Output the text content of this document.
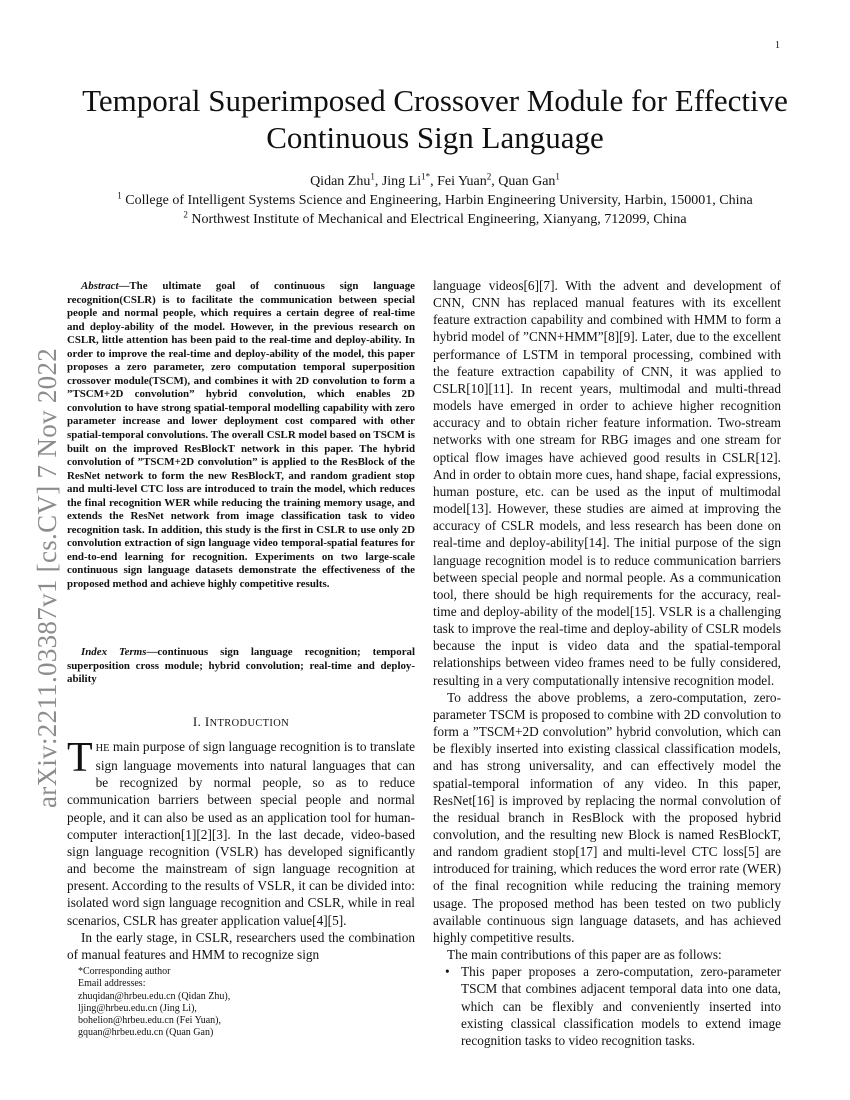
1
arXiv:2211.03387v1 [cs.CV] 7 Nov 2022
Temporal Superimposed Crossover Module for Effective Continuous Sign Language
Qidan Zhu$^1$, Jing $Li^{1*}$, Fei Yuan$^2$, Quan Gan$^1$
$^1$ College of Intelligent Systems Science and Engineering, Harbin Engineering University, Harbin, 150001, China
$^2$ Northwest Institute of Mechanical and Electrical Engineering, Xianyang, 712099, China

Abstract—The ultimate goal of continuous sign language recognition(CSLR) is to facilitate the communication between special people and normal people, which requires a certain degree of real-time and deploy-ability of the model. However, in the previous research on CSLR, little attention has been paid to the real-time and deploy-ability. In order to improve the real-time and deploy-ability of the model, this paper proposes a zero parameter, zero computation temporal superposition crossover module(TSCM), and combines it with 2D convolution to form a ”TSCM+2D convolution” hybrid convolution, which enables 2D convolution to have strong spatial-temporal modelling capability with zero parameter increase and lower deployment cost compared with other spatial-temporal convolutions. The overall CSLR model based on TSCM is built on the improved ResBlockT network in this paper. The hybrid convolution of ”TSCM+2D convolution” is applied to the ResBlock of the ResNet network to form the new ResBlockT, and random gradient stop and multi-level CTC loss are introduced to train the model, which reduces the final recognition WER while reducing the training memory usage, and extends the ResNet network from image classification task to video recognition task. In addition, this study is the first in CSLR to use only 2D convolution extraction of sign language video temporal-spatial features for end-to-end learning for recognition. Experiments on two large-scale continuous sign language datasets demonstrate the effectiveness of the proposed method and achieve highly competitive results.

Index Terms—continuous sign language recognition; temporal superposition cross module; hybrid convolution; real-time and deploy-ability

I. INTRODUCTION

THE main purpose of sign language recognition is to translate sign language movements into natural languages that can be recognized by normal people, so as to reduce communication barriers between special people and normal people, and it can also be used as an application tool for human-computer interaction[1][2][3]. In the last decade, video-based sign language recognition (VSLR) has developed significantly and become the mainstream of sign language recognition at present. According to the results of VSLR, it can be divided into: isolated word sign language recognition and CSLR, while in real scenarios, CSLR has greater application value[4][5].

In the early stage, in CSLR, researchers used the combination of manual features and HMM to recognize sign

*Corresponding author
Email addresses:
zhuqidan@hrbeu.edu.cn (Qidan Zhu),
ljing@hrbeu.edu.cn (Jing Li),
bohelion@hrbeu.edu.cn (Fei Yuan),
gquan@hrbeu.edu.cn (Quan Gan)

language videos[6][7]. With the advent and development of CNN, CNN has replaced manual features with its excellent feature extraction capability and combined with HMM to form a hybrid model of ”CNN+HMM”[8][9]. Later, due to the excellent performance of LSTM in temporal processing, combined with the feature extraction capability of CNN, it was applied to CSLR[10][11]. In recent years, multimodal and multi-thread models have emerged in order to achieve higher recognition accuracy and to obtain richer feature information. Two-stream networks with one stream for RBG images and one stream for optical flow images have achieved good results in CSLR[12]. And in order to obtain more cues, hand shape, facial expressions, human posture, etc. can be used as the input of multimodal model[13]. However, these studies are aimed at improving the accuracy of CSLR models, and less research has been done on real-time and deploy-ability[14]. The initial purpose of the sign language recognition model is to reduce communication barriers between special people and normal people. As a communication tool, there should be high requirements for the accuracy, real-time and deploy-ability of the model[15]. VSLR is a challenging task to improve the real-time and deploy-ability of CSLR models because the input is video data and the spatial-temporal relationships between video frames need to be fully considered, resulting in a very computationally intensive recognition model.

To address the above problems, a zero-computation, zero-parameter TSCM is proposed to combine with 2D convolution to form a ”TSCM+2D convolution” hybrid convolution, which can be flexibly inserted into existing classical classification models, and has strong universality, and can effectively model the spatial-temporal information of any video. In this paper, ResNet[16] is improved by replacing the normal convolution of the residual branch in ResBlock with the proposed hybrid convolution, and the resulting new Block is named ResBlockT, and random gradient stop[17] and multi-level CTC loss[5] are introduced for training, which reduces the word error rate (WER) of the final recognition while reducing the training memory usage. The proposed method has been tested on two publicly available continuous sign language datasets, and has achieved highly competitive results.

The main contributions of this paper are as follows:

• This paper proposes a zero-computation, zero-parameter TSCM that combines adjacent temporal data into one data, which can be flexibly and conveniently inserted into existing classical classification models to extend image recognition tasks to video recognition tasks.
